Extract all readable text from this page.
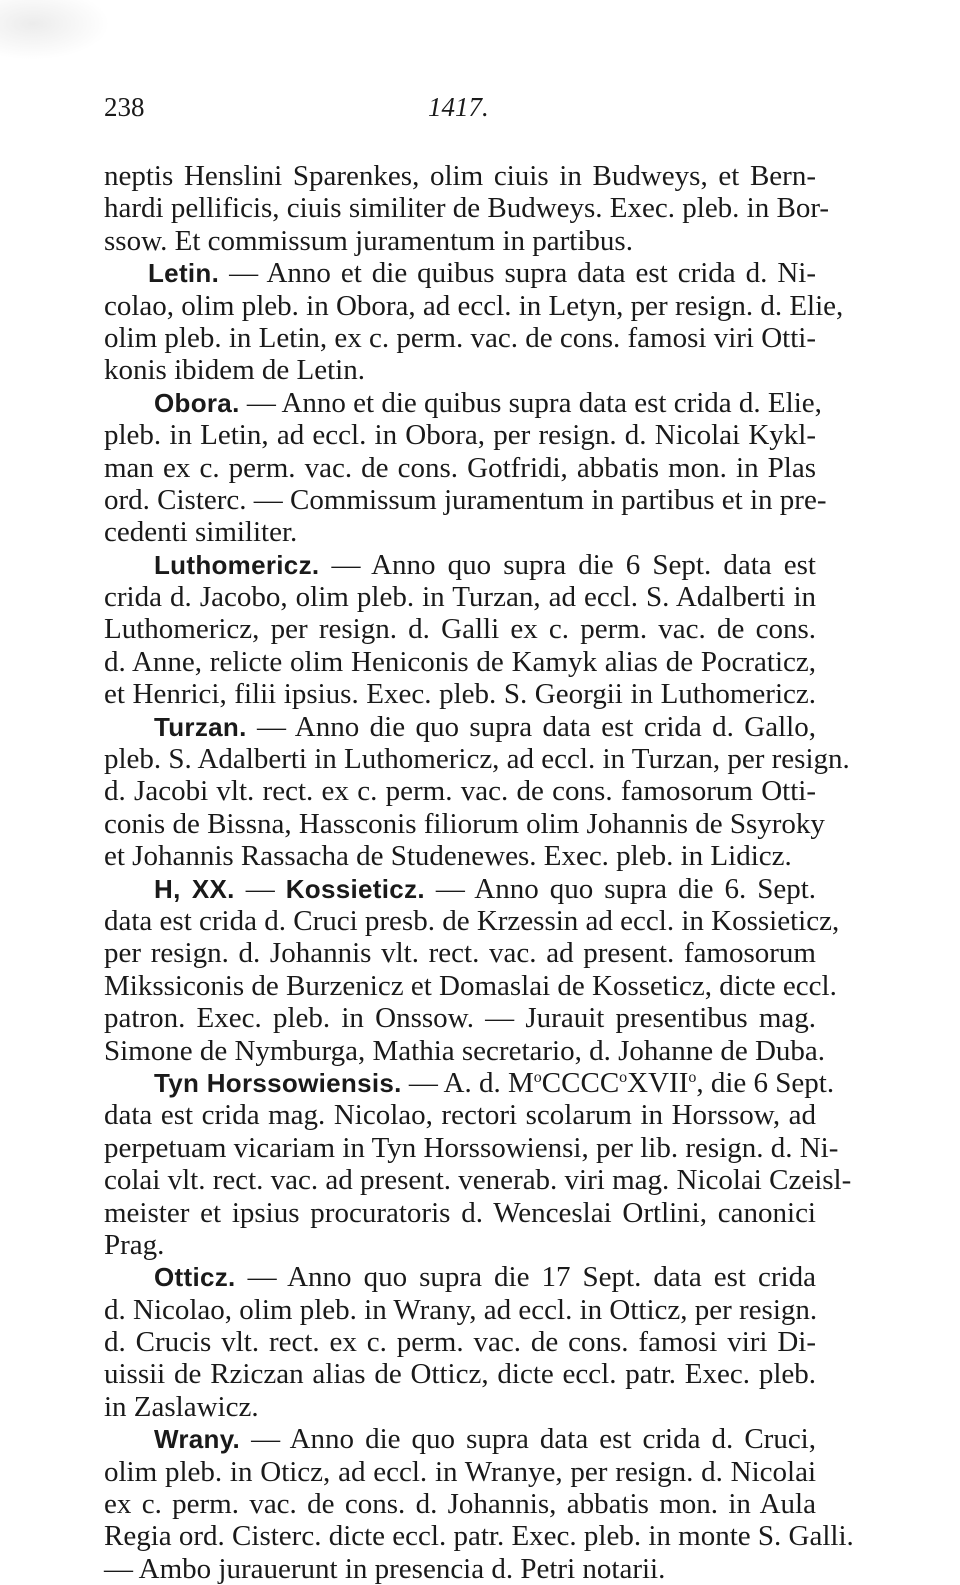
238	1417.
neptis Henslini Sparenkes, olim ciuis in Budweys, et Bern-
hardi pellificis, ciuis similiter de Budweys. Exec. pleb. in Bor-
ssow. Et commissum juramentum in partibus.
Letin. — Anno et die quibus supra data est crida d. Ni-
colao, olim pleb. in Obora, ad eccl. in Letyn, per resign. d. Elie,
olim pleb. in Letin, ex c. perm. vac. de cons. famosi viri Otti-
konis ibidem de Letin.
Obora. — Anno et die quibus supra data est crida d. Elie,
pleb. in Letin, ad eccl. in Obora, per resign. d. Nicolai Kykl-
man ex c. perm. vac. de cons. Gotfridi, abbatis mon. in Plas
ord. Cisterc. — Commissum juramentum in partibus et in pre-
cedenti similiter.
Luthomericz. — Anno quo supra die 6 Sept. data est
crida d. Jacobo, olim pleb. in Turzan, ad eccl. S. Adalberti in
Luthomericz, per resign. d. Galli ex c. perm. vac. de cons.
d. Anne, relicte olim Heniconis de Kamyk alias de Pocraticz,
et Henrici, filii ipsius. Exec. pleb. S. Georgii in Luthomericz.
Turzan. — Anno die quo supra data est crida d. Gallo,
pleb. S. Adalberti in Luthomericz, ad eccl. in Turzan, per resign.
d. Jacobi vlt. rect. ex c. perm. vac. de cons. famosorum Otti-
conis de Bissna, Hassconis filiorum olim Johannis de Ssyroky
et Johannis Rassacha de Studenewes. Exec. pleb. in Lidicz.
H, XX. — Kossieticz. — Anno quo supra die 6. Sept.
data est crida d. Cruci presb. de Krzessin ad eccl. in Kossieticz,
per resign. d. Johannis vlt. rect. vac. ad present. famosorum
Mikssiconis de Burzenicz et Domaslai de Kosseticz, dicte eccl.
patron. Exec. pleb. in Onssow. — Jurauit presentibus mag.
Simone de Nymburga, Mathia secretario, d. Johanne de Duba.
Tyn Horssowiensis. — A. d. $M^oCCCC^oXVII^o$, die 6 Sept.
data est crida mag. Nicolao, rectori scolarum in Horssow, ad
perpetuam vicariam in Tyn Horssowiensi, per lib. resign. d. Ni-
colai vlt. rect. vac. ad present. venerab. viri mag. Nicolai Czeisl-
meister et ipsius procuratoris d. Wenceslai Ortlini, canonici
Prag.
Otticz. — Anno quo supra die 17 Sept. data est crida
d. Nicolao, olim pleb. in Wrany, ad eccl. in Otticz, per resign.
d. Crucis vlt. rect. ex c. perm. vac. de cons. famosi viri Di-
uissii de Rziczan alias de Otticz, dicte eccl. patr. Exec. pleb.
in Zaslawicz.
Wrany. — Anno die quo supra data est crida d. Cruci,
olim pleb. in Oticz, ad eccl. in Wranye, per resign. d. Nicolai
ex c. perm. vac. de cons. d. Johannis, abbatis mon. in Aula
Regia ord. Cisterc. dicte eccl. patr. Exec. pleb. in monte S. Galli.
— Ambo jurauerunt in presencia d. Petri notarii.
